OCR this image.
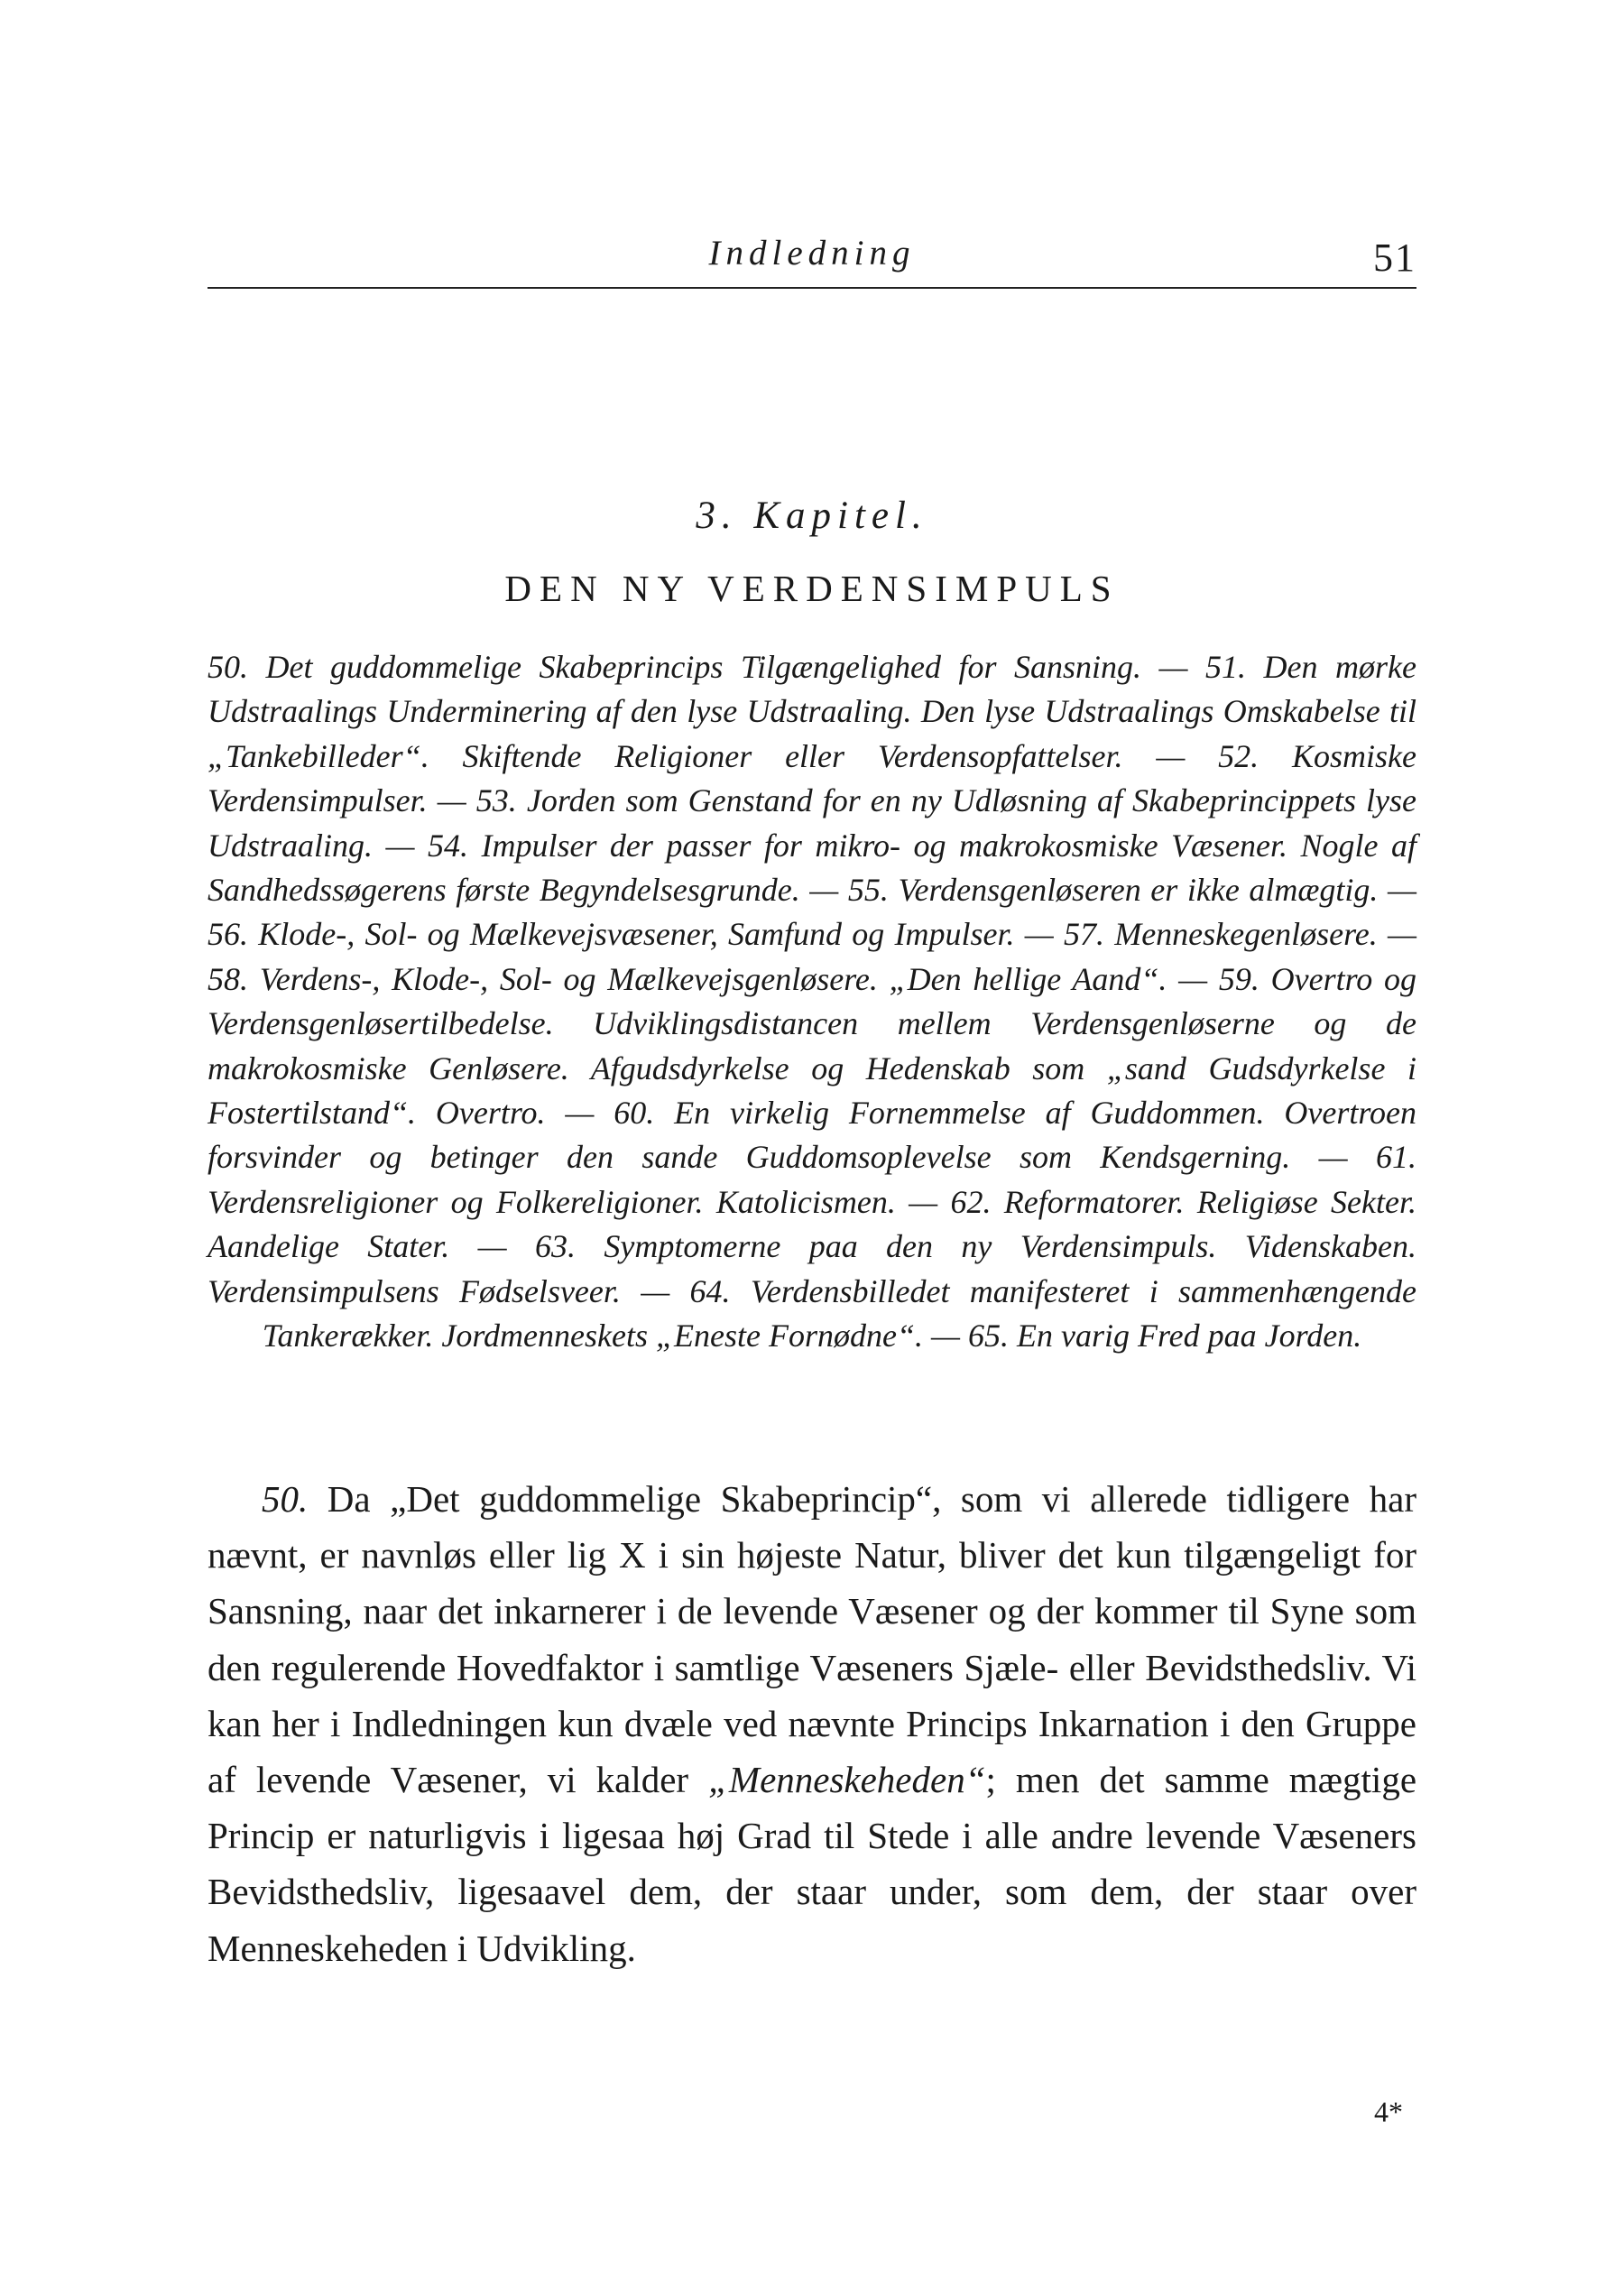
Indledning	51
3. Kapitel.
DEN NY VERDENSIMPULS
50. Det guddommelige Skabeprincips Tilgængelighed for Sansning. — 51. Den mørke Udstraalings Underminering af den lyse Udstraaling. Den lyse Udstraalings Omskabelse til „Tankebilleder“. Skiftende Religioner eller Verdensopfattelser. — 52. Kosmiske Verdensimpulser. — 53. Jorden som Genstand for en ny Udløsning af Skabeprincippets lyse Udstraaling. — 54. Impulser der passer for mikro- og makrokosmiske Væsener. Nogle af Sandhedssøgerens første Begyndelsesgrunde. — 55. Verdensgenløseren er ikke almægtig. — 56. Klode-, Sol- og Mælkevejsvæsener, Samfund og Impulser. — 57. Menneskegenløsere. — 58. Verdens-, Klode-, Sol- og Mælkevejsgenløsere. „Den hellige Aand“. — 59. Overtro og Verdensgenløsertilbedelse. Udviklingsdistancen mellem Verdensgenløserne og de makrokosmiske Genløsere. Afgudsdyrkelse og Hedenskab som „sand Gudsdyrkelse i Fostertilstand“. Overtro. — 60. En virkelig Fornemmelse af Guddommen. Overtroen forsvinder og betinger den sande Guddomsoplevelse som Kendsgerning. — 61. Verdensreligioner og Folkereligioner. Katolicismen. — 62. Reformatorer. Religiøse Sekter. Aandelige Stater. — 63. Symptomerne paa den ny Verdensimpuls. Videnskaben. Verdensimpulsens Fødselsveer. — 64. Verdensbilledet manifesteret i sammenhængende Tankerækker. Jordmenneskets „Eneste Fornødne“. — 65. En varig Fred paa Jorden.
50. Da „Det guddommelige Skabeprincip“, som vi allerede tidligere har nævnt, er navnløs eller lig X i sin højeste Natur, bliver det kun tilgængeligt for Sansning, naar det inkarnerer i de levende Væsener og der kommer til Syne som den regulerende Hovedfaktor i samtlige Væseners Sjæle- eller Bevidsthedsliv. Vi kan her i Indledningen kun dvæle ved nævnte Princips Inkarnation i den Gruppe af levende Væsener, vi kalder „Menneskeheden“; men det samme mægtige Princip er naturligvis i ligesaa høj Grad til Stede i alle andre levende Væseners Bevidsthedsliv, ligesaavel dem, der staar under, som dem, der staar over Menneskeheden i Udvikling.
4*
